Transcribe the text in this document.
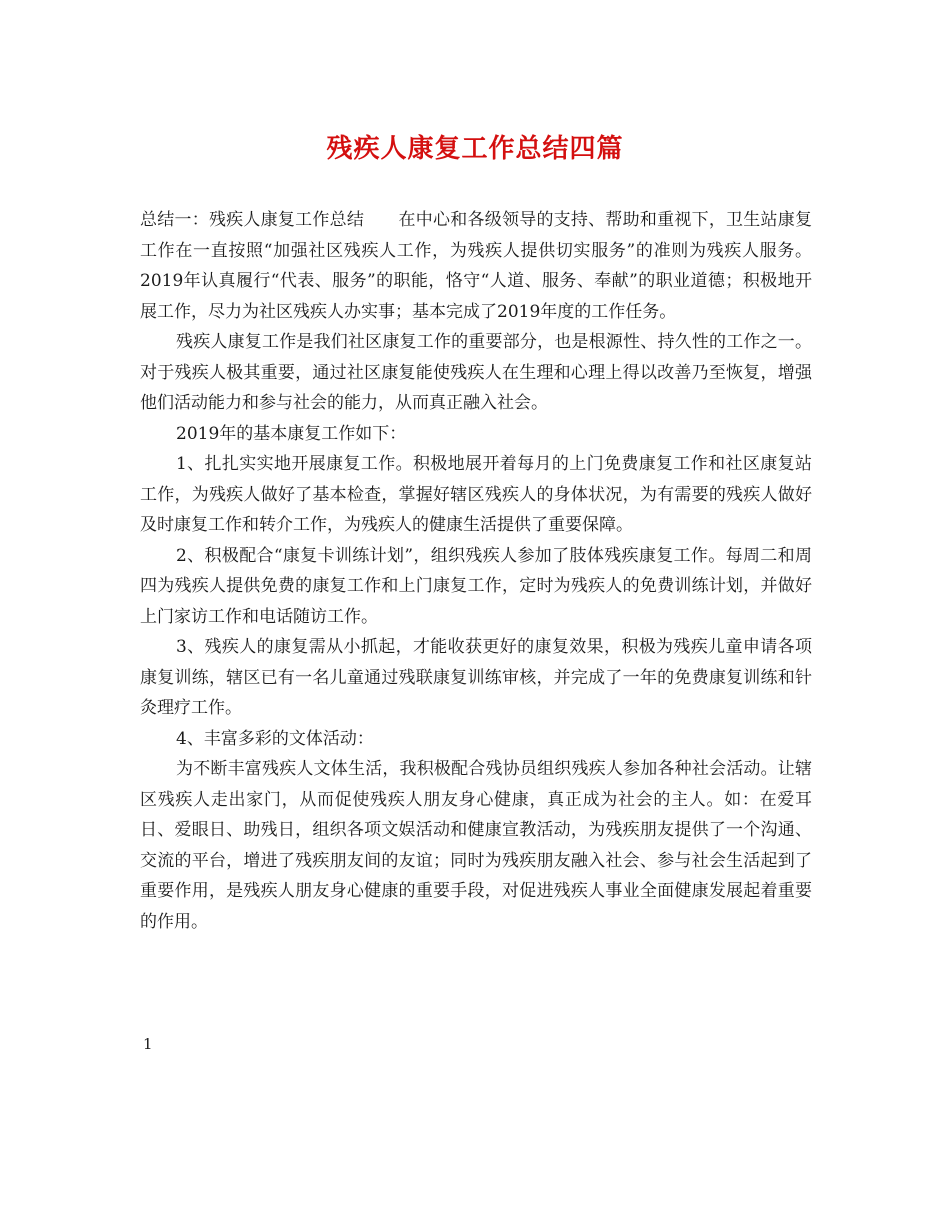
残疾人康复工作总结四篇

总结一：残疾人康复工作总结　　在中心和各级领导的支持、帮助和重视下，卫生站康复工作在一直按照“加强社区残疾人工作，为残疾人提供切实服务”的准则为残疾人服务。2019年认真履行“代表、服务”的职能，恪守“人道、服务、奉献”的职业道德；积极地开展工作，尽力为社区残疾人办实事；基本完成了2019年度的工作任务。

残疾人康复工作是我们社区康复工作的重要部分，也是根源性、持久性的工作之一。对于残疾人极其重要，通过社区康复能使残疾人在生理和心理上得以改善乃至恢复，增强他们活动能力和参与社会的能力，从而真正融入社会。

2019年的基本康复工作如下：

1、扎扎实实地开展康复工作。积极地展开着每月的上门免费康复工作和社区康复站工作，为残疾人做好了基本检查，掌握好辖区残疾人的身体状况，为有需要的残疾人做好及时康复工作和转介工作，为残疾人的健康生活提供了重要保障。

2、积极配合“康复卡训练计划”，组织残疾人参加了肢体残疾康复工作。每周二和周四为残疾人提供免费的康复工作和上门康复工作，定时为残疾人的免费训练计划，并做好上门家访工作和电话随访工作。

3、残疾人的康复需从小抓起，才能收获更好的康复效果，积极为残疾儿童申请各项康复训练，辖区已有一名儿童通过残联康复训练审核，并完成了一年的免费康复训练和针灸理疗工作。

4、丰富多彩的文体活动：

为不断丰富残疾人文体生活，我积极配合残协员组织残疾人参加各种社会活动。让辖区残疾人走出家门，从而促使残疾人朋友身心健康，真正成为社会的主人。如：在爱耳日、爱眼日、助残日，组织各项文娱活动和健康宣教活动，为残疾朋友提供了一个沟通、交流的平台，增进了残疾朋友间的友谊；同时为残疾朋友融入社会、参与社会生活起到了重要作用，是残疾人朋友身心健康的重要手段，对促进残疾人事业全面健康发展起着重要的作用。

1
